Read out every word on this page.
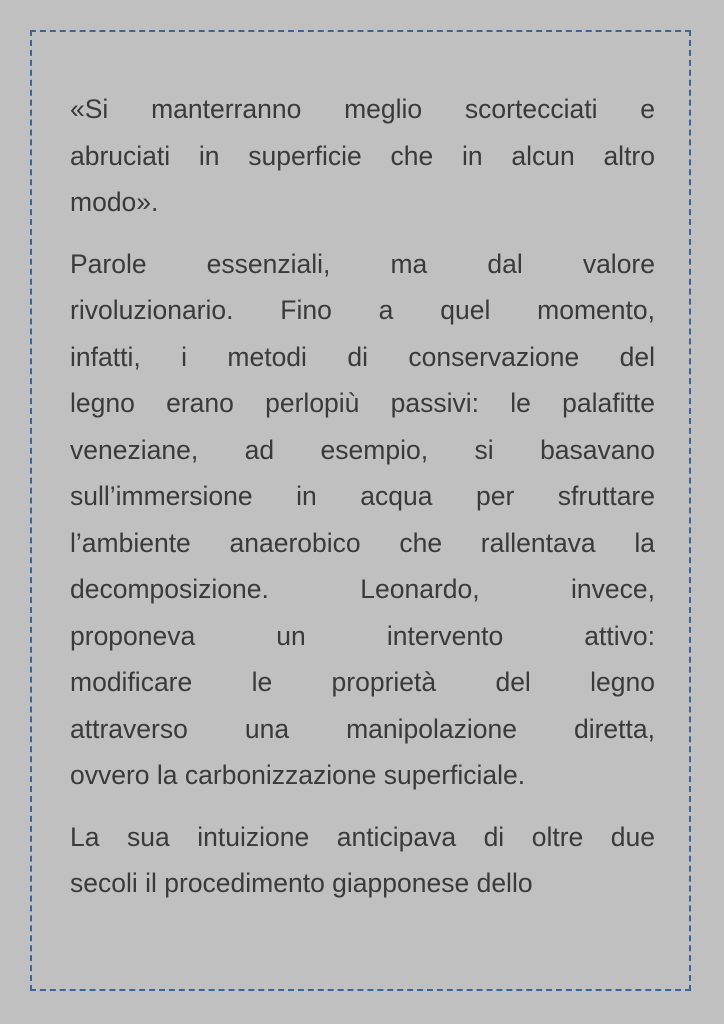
«Si manterranno meglio scortecciati e
abruciati in superficie che in alcun altro
modo».
Parole essenziali, ma dal valore
rivoluzionario. Fino a quel momento,
infatti, i metodi di conservazione del
legno erano perlopiù passivi: le palafitte
veneziane, ad esempio, si basavano
sull’immersione in acqua per sfruttare
l’ambiente anaerobico che rallentava la
decomposizione. Leonardo, invece,
proponeva un intervento attivo:
modificare le proprietà del legno
attraverso una manipolazione diretta,
ovvero la carbonizzazione superficiale.
La sua intuizione anticipava di oltre due
secoli il procedimento giapponese dello
